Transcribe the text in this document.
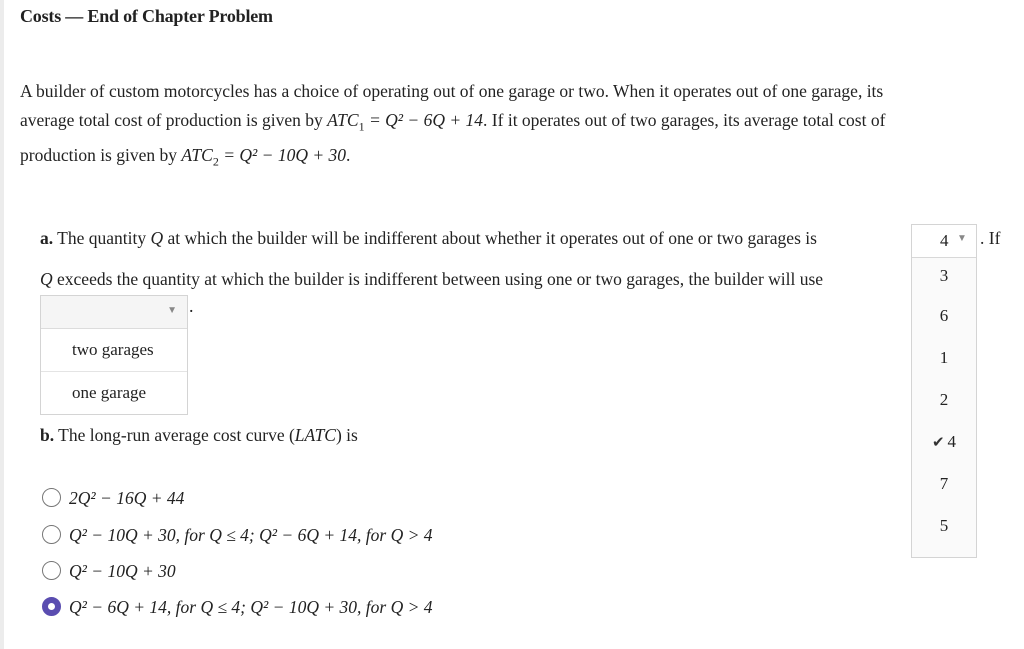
Costs — End of Chapter Problem
A builder of custom motorcycles has a choice of operating out of one garage or two. When it operates out of one garage, its
average total cost of production is given by $ATC_1 = Q^2 - 6Q + 14$. If it operates out of two garages, its average total cost of
production is given by $ATC_2 = Q^2 - 10Q + 30$.
a. The quantity Q at which the builder will be indifferent about whether it operates out of one or two garages is	. If
Q exceeds the quantity at which the builder is indifferent between using one or two garages, the builder will use
4 ▼
3
6
1
2
✔ 4
7
5
▼
two garages
one garage
.
b. The long-run average cost curve (LATC) is
2Q² − 16Q + 44
Q² − 10Q + 30, for Q ≤ 4; Q² − 6Q + 14, for Q > 4
Q² − 10Q + 30
Q² − 6Q + 14, for Q ≤ 4; Q² − 10Q + 30, for Q > 4
